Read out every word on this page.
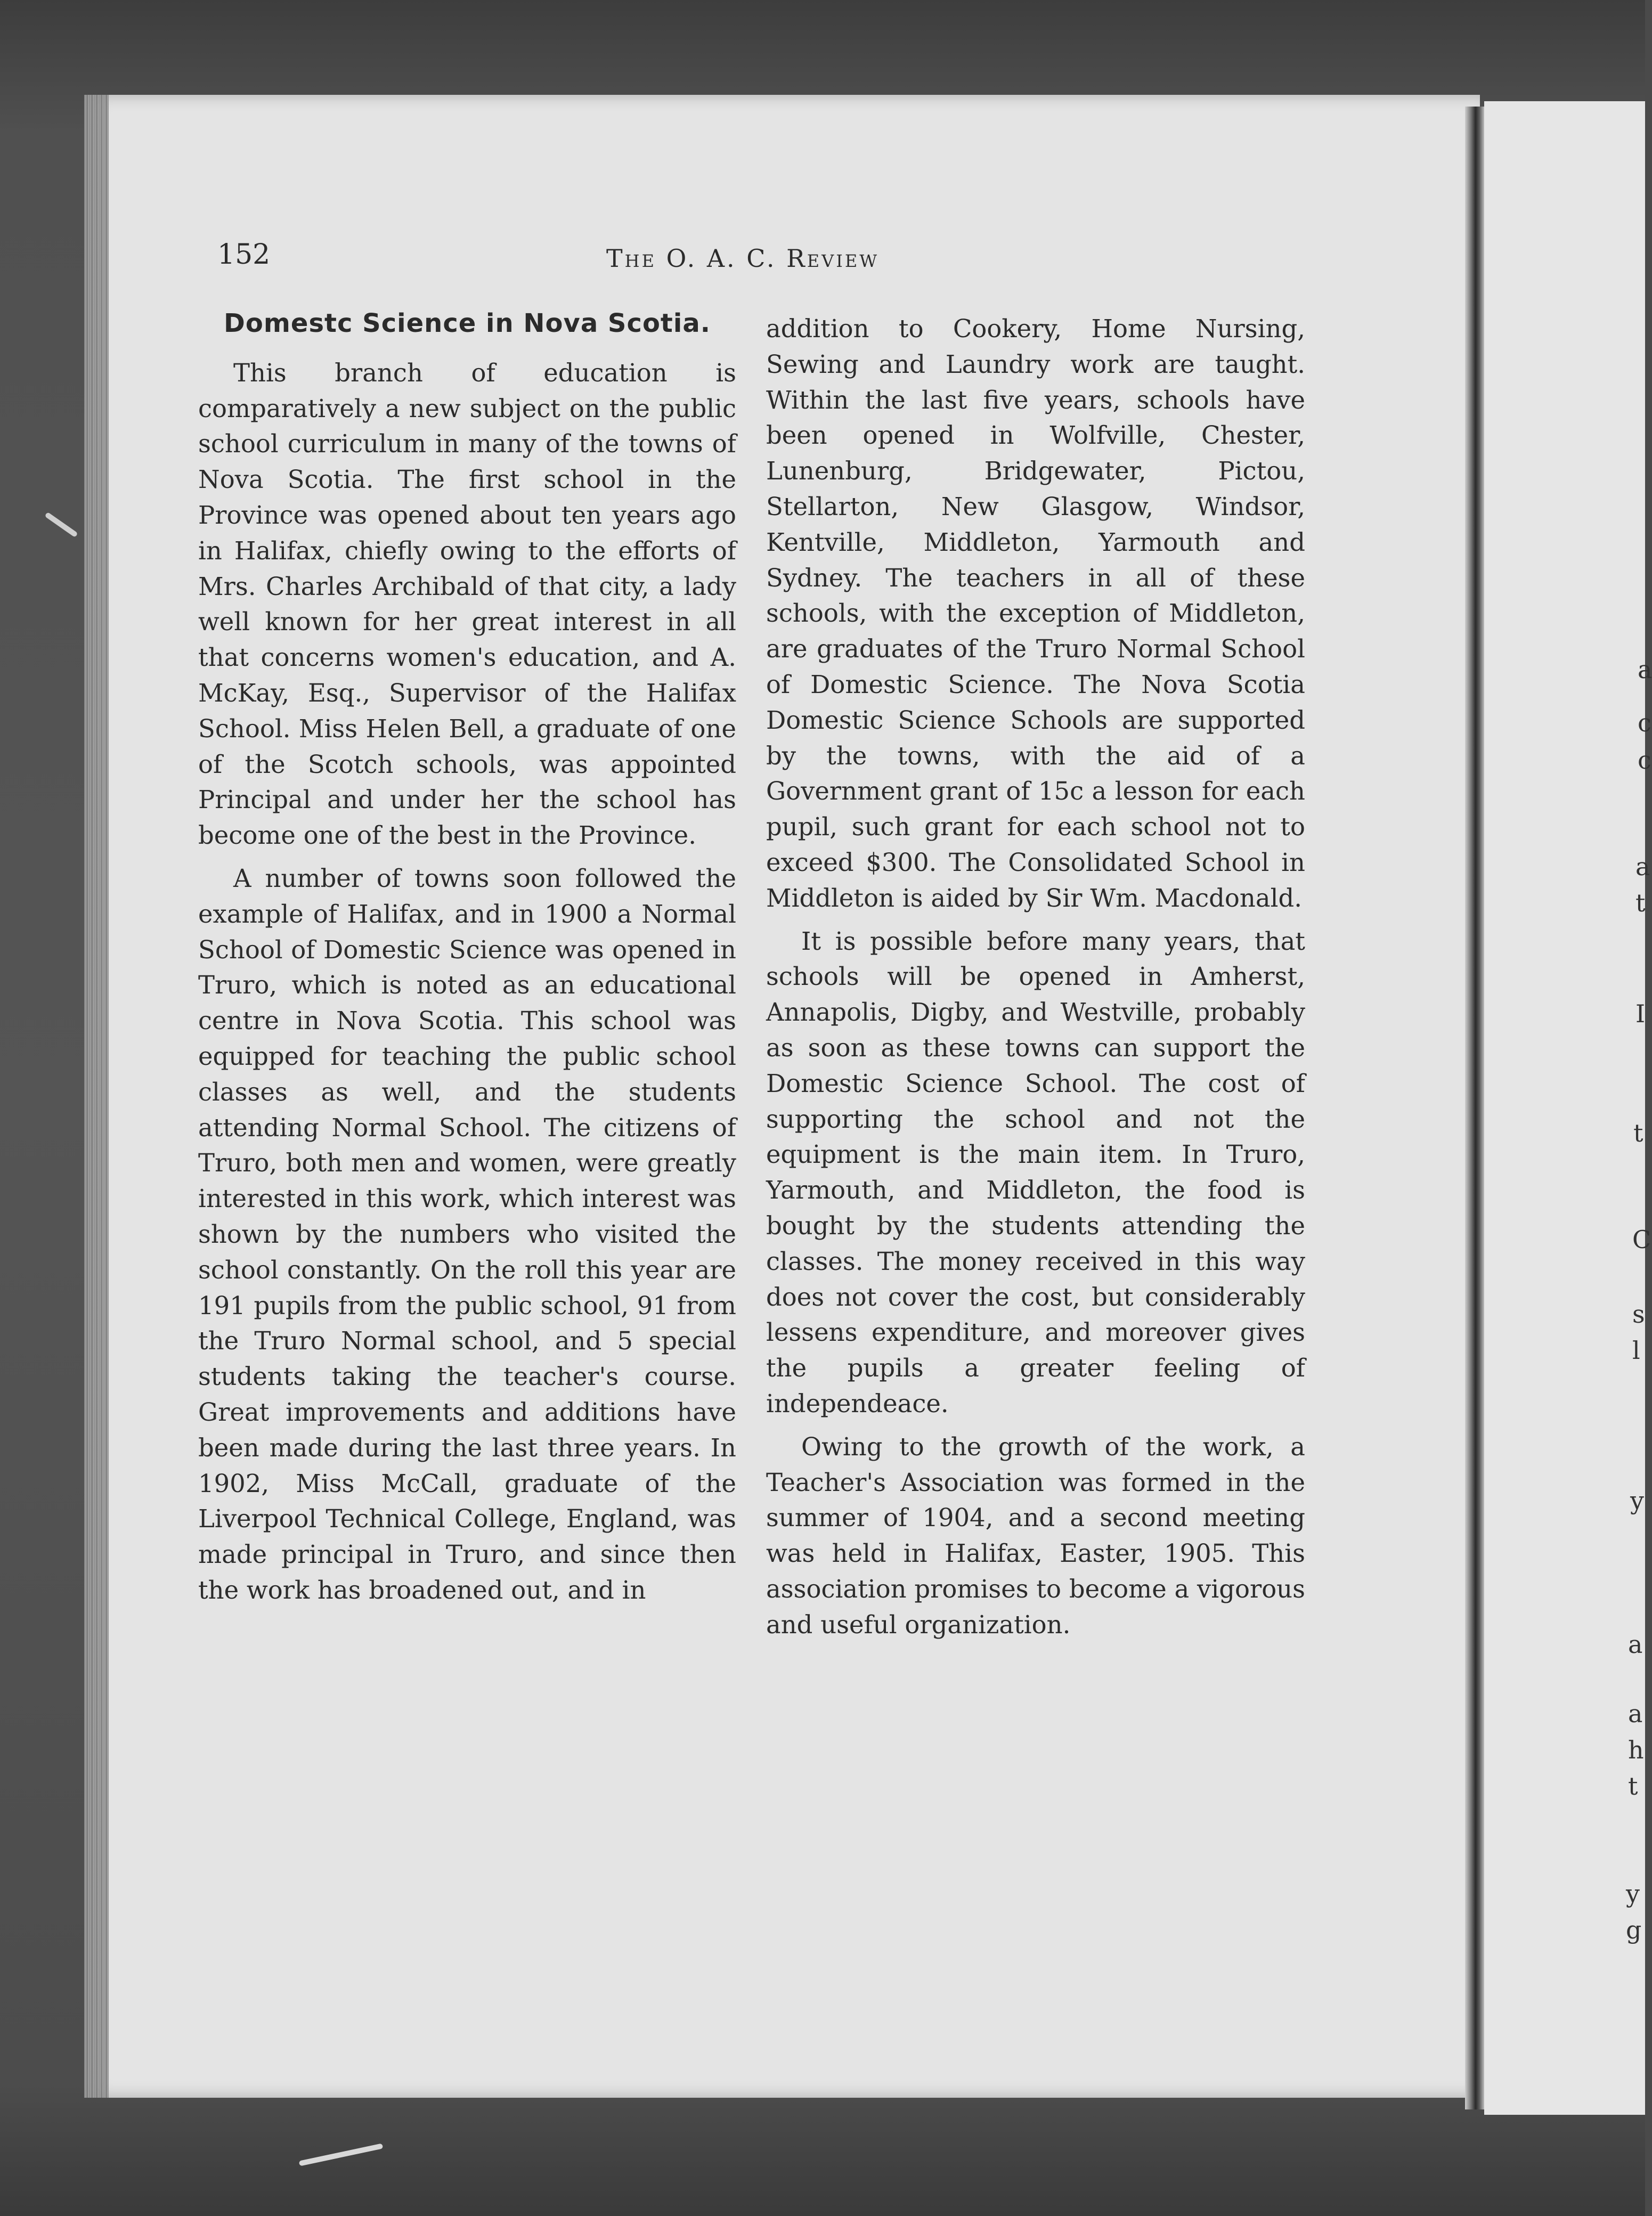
a
c
c
a
t
I
t
C
s
l
y
a
a
h
t
y
g
152	The O. A. C. Review
Domestc Science in Nova Scotia.

This branch of education is comparatively a new subject on the public school curriculum in many of the towns of Nova Scotia. The first school in the Province was opened about ten years ago in Halifax, chiefly owing to the efforts of Mrs. Charles Archibald of that city, a lady well known for her great interest in all that concerns women's education, and A. McKay, Esq., Supervisor of the Halifax School. Miss Helen Bell, a graduate of one of the Scotch schools, was appointed Principal and under her the school has become one of the best in the Province.

A number of towns soon followed the example of Halifax, and in 1900 a Normal School of Domestic Science was opened in Truro, which is noted as an educational centre in Nova Scotia. This school was equipped for teaching the public school classes as well, and the students attending Normal School. The citizens of Truro, both men and women, were greatly interested in this work, which interest was shown by the numbers who visited the school constantly. On the roll this year are 191 pupils from the public school, 91 from the Truro Normal school, and 5 special students taking the teacher's course. Great improvements and additions have been made during the last three years. In 1902, Miss McCall, graduate of the Liverpool Technical College, England, was made principal in Truro, and since then the work has broadened out, and in

addition to Cookery, Home Nursing, Sewing and Laundry work are taught. Within the last five years, schools have been opened in Wolfville, Chester, Lunenburg, Bridgewater, Pictou, Stellarton, New Glasgow, Windsor, Kentville, Middleton, Yarmouth and Sydney. The teachers in all of these schools, with the exception of Middleton, are graduates of the Truro Normal School of Domestic Science. The Nova Scotia Domestic Science Schools are supported by the towns, with the aid of a Government grant of 15c a lesson for each pupil, such grant for each school not to exceed $300. The Consolidated School in Middleton is aided by Sir Wm. Macdonald.

It is possible before many years, that schools will be opened in Amherst, Annapolis, Digby, and Westville, probably as soon as these towns can support the Domestic Science School. The cost of supporting the school and not the equipment is the main item. In Truro, Yarmouth, and Middleton, the food is bought by the students attending the classes. The money received in this way does not cover the cost, but considerably lessens expenditure, and moreover gives the pupils a greater feeling of independeace.

Owing to the growth of the work, a Teacher's Association was formed in the summer of 1904, and a second meeting was held in Halifax, Easter, 1905. This association promises to become a vigorous and useful organization.
